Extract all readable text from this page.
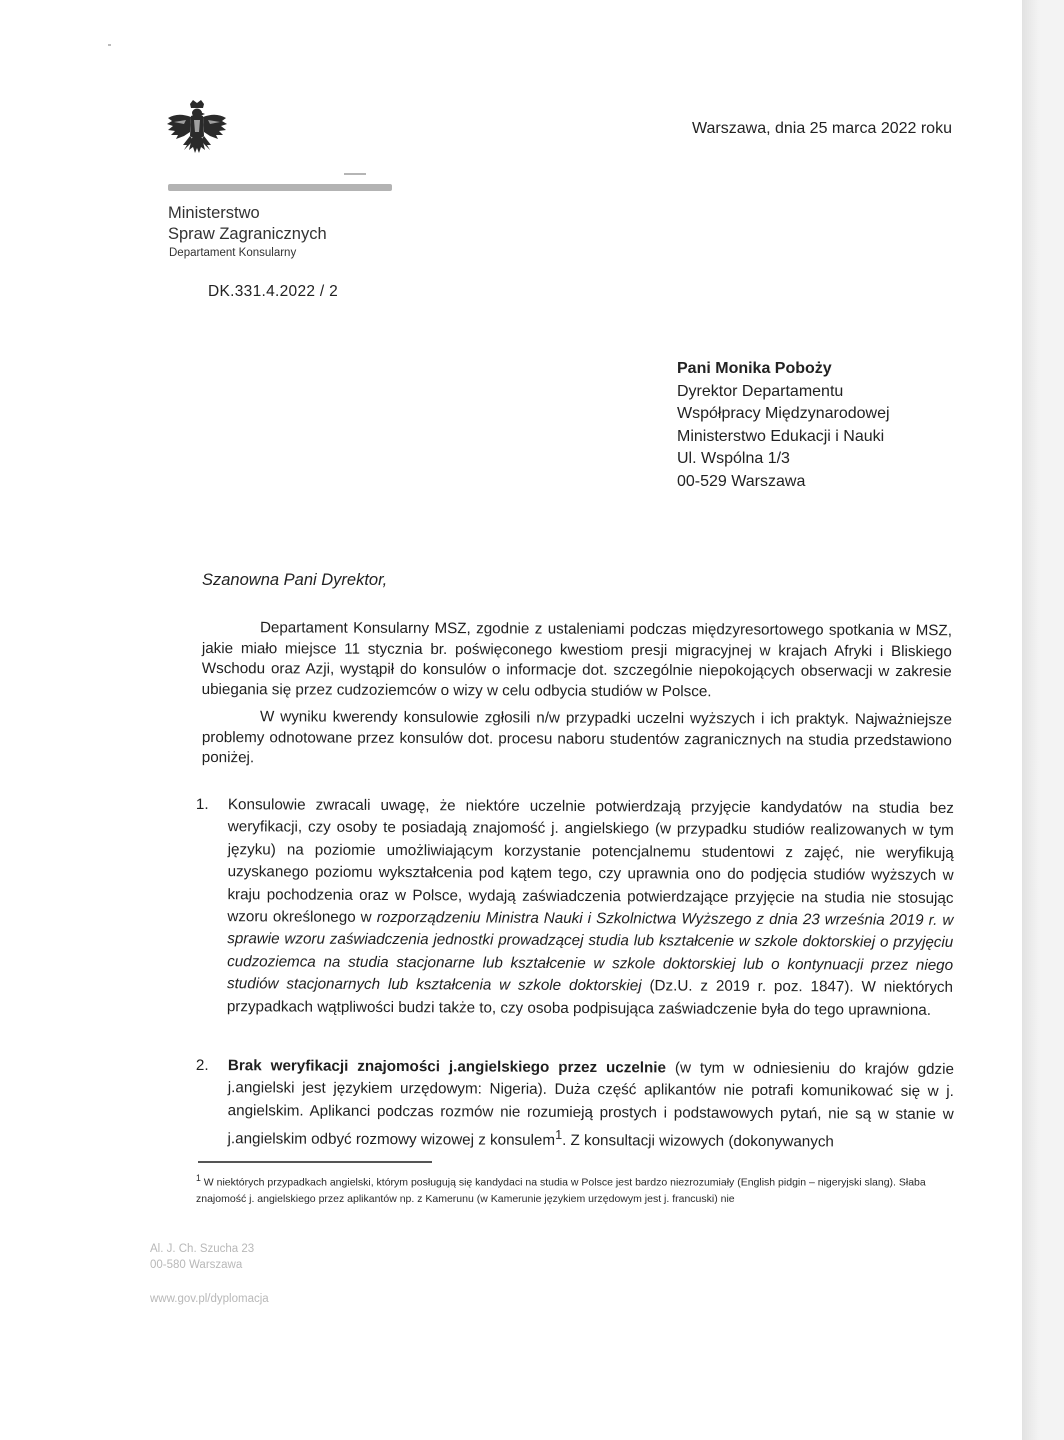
Ministerstwo
Spraw Zagranicznych
Departament Konsularny
DK.331.4.2022 / 2
Warszawa, dnia 25 marca 2022 roku
Pani Monika Poboży
Dyrektor Departamentu
Współpracy Międzynarodowej
Ministerstwo Edukacji i Nauki
Ul. Wspólna 1/3
00-529 Warszawa
Szanowna Pani Dyrektor,
Departament Konsularny MSZ, zgodnie z ustaleniami podczas międzyresortowego spotkania w MSZ, jakie miało miejsce 11 stycznia br. poświęconego kwestiom presji migracyjnej w krajach Afryki i Bliskiego Wschodu oraz Azji, wystąpił do konsulów o informacje dot. szczególnie niepokojących obserwacji w zakresie ubiegania się przez cudzoziemców o wizy w celu odbycia studiów w Polsce.
W wyniku kwerendy konsulowie zgłosili n/w przypadki uczelni wyższych i ich praktyk. Najważniejsze problemy odnotowane przez konsulów dot. procesu naboru studentów zagranicznych na studia przedstawiono poniżej.
1. Konsulowie zwracali uwagę, że niektóre uczelnie potwierdzają przyjęcie kandydatów na studia bez weryfikacji, czy osoby te posiadają znajomość j. angielskiego (w przypadku studiów realizowanych w tym języku) na poziomie umożliwiającym korzystanie potencjalnemu studentowi z zajęć, nie weryfikują uzyskanego poziomu wykształcenia pod kątem tego, czy uprawnia ono do podjęcia studiów wyższych w kraju pochodzenia oraz w Polsce, wydają zaświadczenia potwierdzające przyjęcie na studia nie stosując wzoru określonego w rozporządzeniu Ministra Nauki i Szkolnictwa Wyższego z dnia 23 września 2019 r. w sprawie wzoru zaświadczenia jednostki prowadzącej studia lub kształcenie w szkole doktorskiej o przyjęciu cudzoziemca na studia stacjonarne lub kształcenie w szkole doktorskiej lub o kontynuacji przez niego studiów stacjonarnych lub kształcenia w szkole doktorskiej (Dz.U. z 2019 r. poz. 1847). W niektórych przypadkach wątpliwości budzi także to, czy osoba podpisująca zaświadczenie była do tego uprawniona.
2. Brak weryfikacji znajomości j.angielskiego przez uczelnie (w tym w odniesieniu do krajów gdzie j.angielski jest językiem urzędowym: Nigeria). Duża część aplikantów nie potrafi komunikować się w j. angielskim. Aplikanci podczas rozmów nie rozumieją prostych i podstawowych pytań, nie są w stanie w j.angielskim odbyć rozmowy wizowej z konsulem$^1$. Z konsultacji wizowych (dokonywanych
$^1$ W niektórych przypadkach angielski, którym posługują się kandydaci na studia w Polsce jest bardzo niezrozumiały (English pidgin – nigeryjski slang). Słaba znajomość j. angielskiego przez aplikantów np. z Kamerunu (w Kamerunie językiem urzędowym jest j. francuski) nie
Al. J. Ch. Szucha 23
00-580 Warszawa
www.gov.pl/dyplomacja
